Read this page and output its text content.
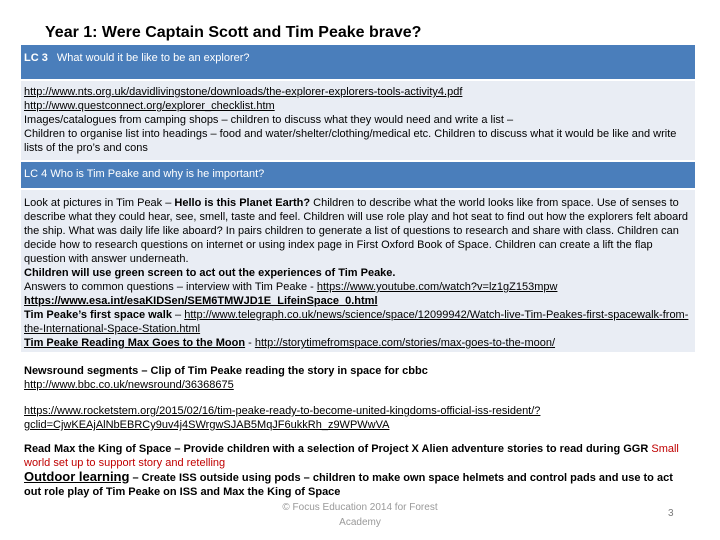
Year 1: Were Captain Scott and Tim Peake brave?
LC 3 What would it be like to be an explorer?
http://www.nts.org.uk/davidlivingstone/downloads/the-explorer-explorers-tools-activity4.pdf
http://www.questconnect.org/explorer_checklist.htm
Images/catalogues from camping shops – children to discuss what they would need and write a list –
Children to organise list into headings – food and water/shelter/clothing/medical etc. Children to discuss what it would be like and write lists of the pro’s and cons
LC 4 Who is Tim Peake and why is he important?
Look at pictures in Tim Peak – Hello is this Planet Earth? Children to describe what the world looks like from space. Use of senses to describe what they could hear, see, smell, taste and feel. Children will use role play and hot seat to find out how the explorers felt aboard the ship. What was daily life like aboard? In pairs children to generate a list of questions to research and share with class. Children can decide how to research questions on internet or using index page in First Oxford Book of Space. Children can create a lift the flap question with answer underneath.
Children will use green screen to act out the experiences of Tim Peake.
Answers to common questions – interview with Tim Peake - https://www.youtube.com/watch?v=lz1gZ153mpw
https://www.esa.int/esaKIDSen/SEM6TMWJD1E_LifeinSpace_0.html
Tim Peake’s first space walk – http://www.telegraph.co.uk/news/science/space/12099942/Watch-live-Tim-Peakes-first-spacewalk-from-the-International-Space-Station.html
Tim Peake Reading Max Goes to the Moon - http://storytimefromspace.com/stories/max-goes-to-the-moon/
Newsround segments – Clip of Tim Peake reading the story in space for cbbc
http://www.bbc.co.uk/newsround/36368675
https://www.rocketstem.org/2015/02/16/tim-peake-ready-to-become-united-kingdoms-official-iss-resident/?gclid=CjwKEAjAlNbEBRCy9uv4j4SWrgwSJAB5MqJF6ukkRh_z9WPWwVA
Read Max the King of Space – Provide children with a selection of Project X Alien adventure stories to read during GGR Small world set up to support story and retelling
Outdoor learning – Create ISS outside using pods – children to make own space helmets and control pads and use to act out role play of Tim Peake on ISS and Max the King of Space
© Focus Education 2014 for Forest Academy
3
